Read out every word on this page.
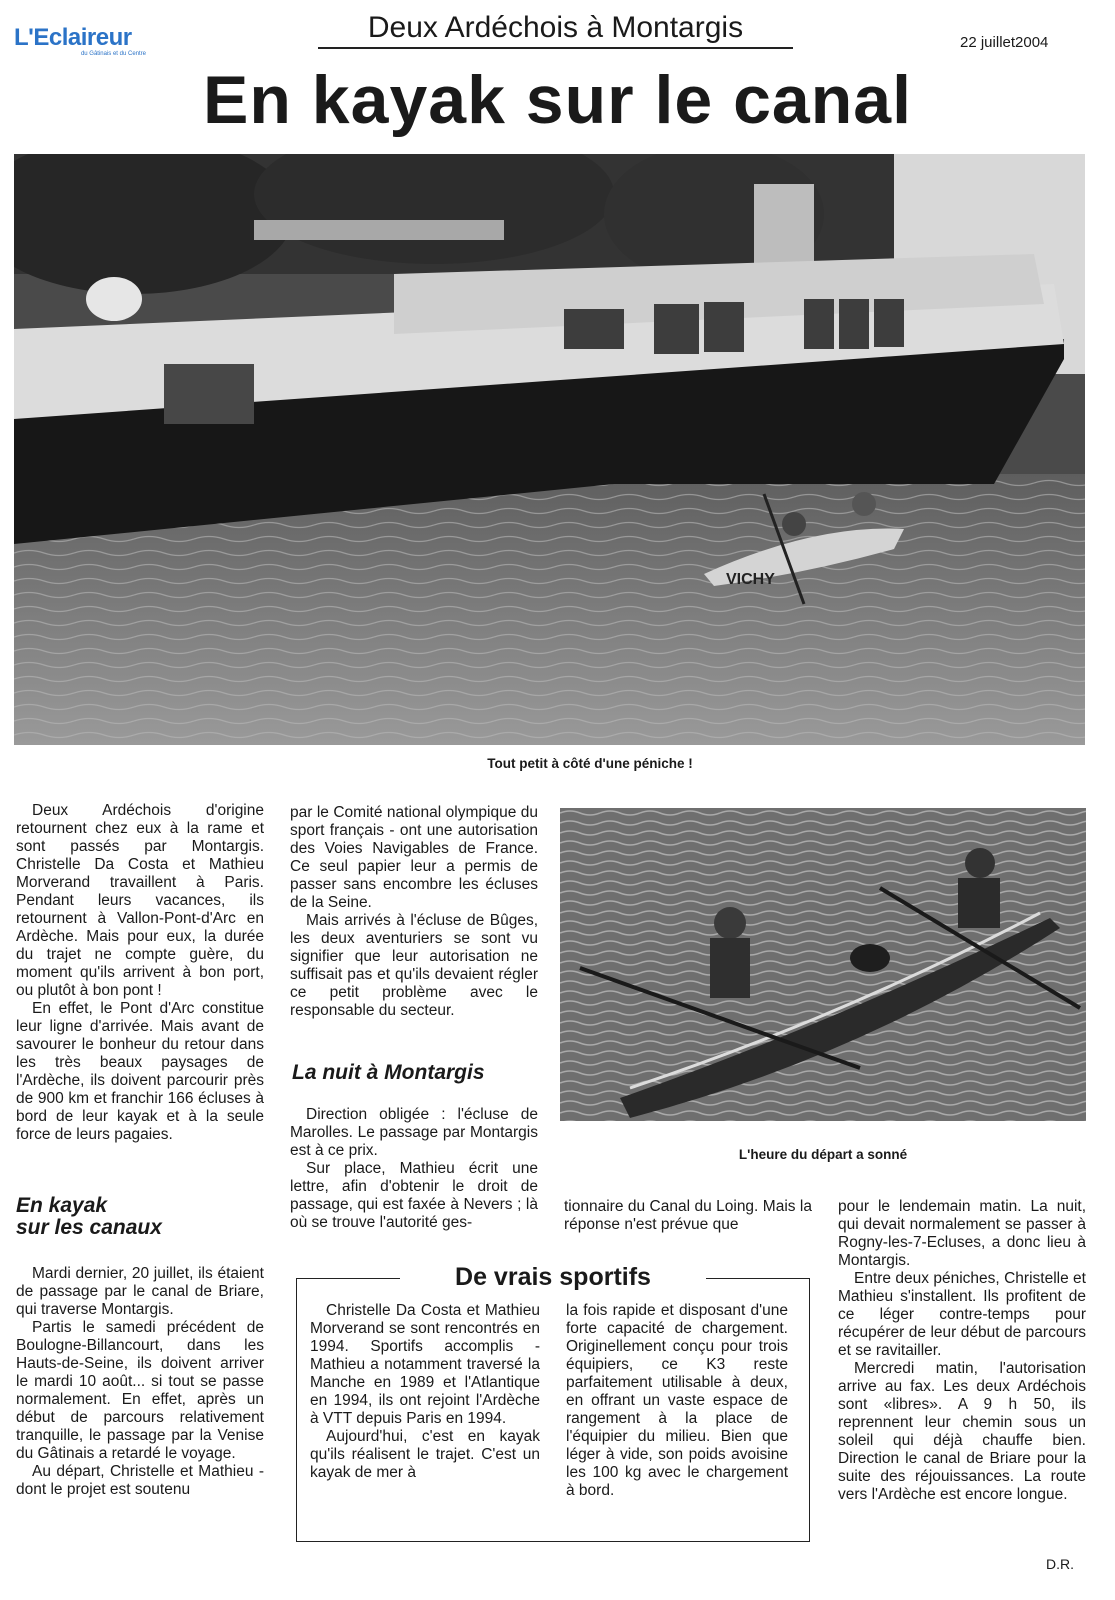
L'Eclaireur
du Gâtinais et du Centre
Deux Ardéchois à Montargis	22 juillet2004
En kayak sur le canal
VICHY
Tout petit à côté d'une péniche !
L'heure du départ a sonné

Deux Ardéchois d'origine retournent chez eux à la rame et sont passés par Montargis. Christelle Da Costa et Mathieu Morverand travaillent à Paris. Pendant leurs vacances, ils retournent à Vallon-Pont-d'Arc en Ardèche. Mais pour eux, la durée du trajet ne compte guère, du moment qu'ils arrivent à bon port, ou plutôt à bon pont !

En effet, le Pont d'Arc constitue leur ligne d'arrivée. Mais avant de savourer le bonheur du retour dans les très beaux paysages de l'Ardèche, ils doivent parcourir près de 900 km et franchir 166 écluses à bord de leur kayak et à la seule force de leurs pagaies.

En kayak
sur les canaux

Mardi dernier, 20 juillet, ils étaient de passage par le canal de Briare, qui traverse Montargis.

Partis le samedi précédent de Boulogne-Billancourt, dans les Hauts-de-Seine, ils doivent arriver le mardi 10 août... si tout se passe normalement. En effet, après un début de parcours relativement tranquille, le passage par la Venise du Gâtinais a retardé le voyage.

Au départ, Christelle et Mathieu - dont le projet est soutenu

par le Comité national olympique du sport français - ont une autorisation des Voies Navigables de France. Ce seul papier leur a permis de passer sans encombre les écluses de la Seine.

Mais arrivés à l'écluse de Bûges, les deux aventuriers se sont vu signifier que leur autorisation ne suffisait pas et qu'ils devaient régler ce petit problème avec le responsable du secteur.

La nuit à Montargis

Direction obligée : l'écluse de Marolles. Le passage par Montargis est à ce prix.

Sur place, Mathieu écrit une lettre, afin d'obtenir le droit de passage, qui est faxée à Nevers ; là où se trouve l'autorité ges-

tionnaire du Canal du Loing. Mais la réponse n'est prévue que

pour le lendemain matin. La nuit, qui devait normalement se passer à Rogny-les-7-Ecluses, a donc lieu à Montargis.

Entre deux péniches, Christelle et Mathieu s'installent. Ils profitent de ce léger contre-temps pour récupérer de leur début de parcours et se ravitailler.

Mercredi matin, l'autorisation arrive au fax. Les deux Ardéchois sont «libres». A 9 h 50, ils reprennent leur chemin sous un soleil qui déjà chauffe bien. Direction le canal de Briare pour la suite des réjouissances. La route vers l'Ardèche est encore longue.

De vrais sportifs

Christelle Da Costa et Mathieu Morverand se sont rencontrés en 1994. Sportifs accomplis - Mathieu a notamment traversé la Manche en 1989 et l'Atlantique en 1994, ils ont rejoint l'Ardèche à VTT depuis Paris en 1994.

Aujourd'hui, c'est en kayak qu'ils réalisent le trajet. C'est un kayak de mer à

la fois rapide et disposant d'une forte capacité de chargement. Originellement conçu pour trois équipiers, ce K3 reste parfaitement utilisable à deux, en offrant un vaste espace de rangement à la place de l'équipier du milieu. Bien que léger à vide, son poids avoisine les 100 kg avec le chargement à bord.

D.R.
